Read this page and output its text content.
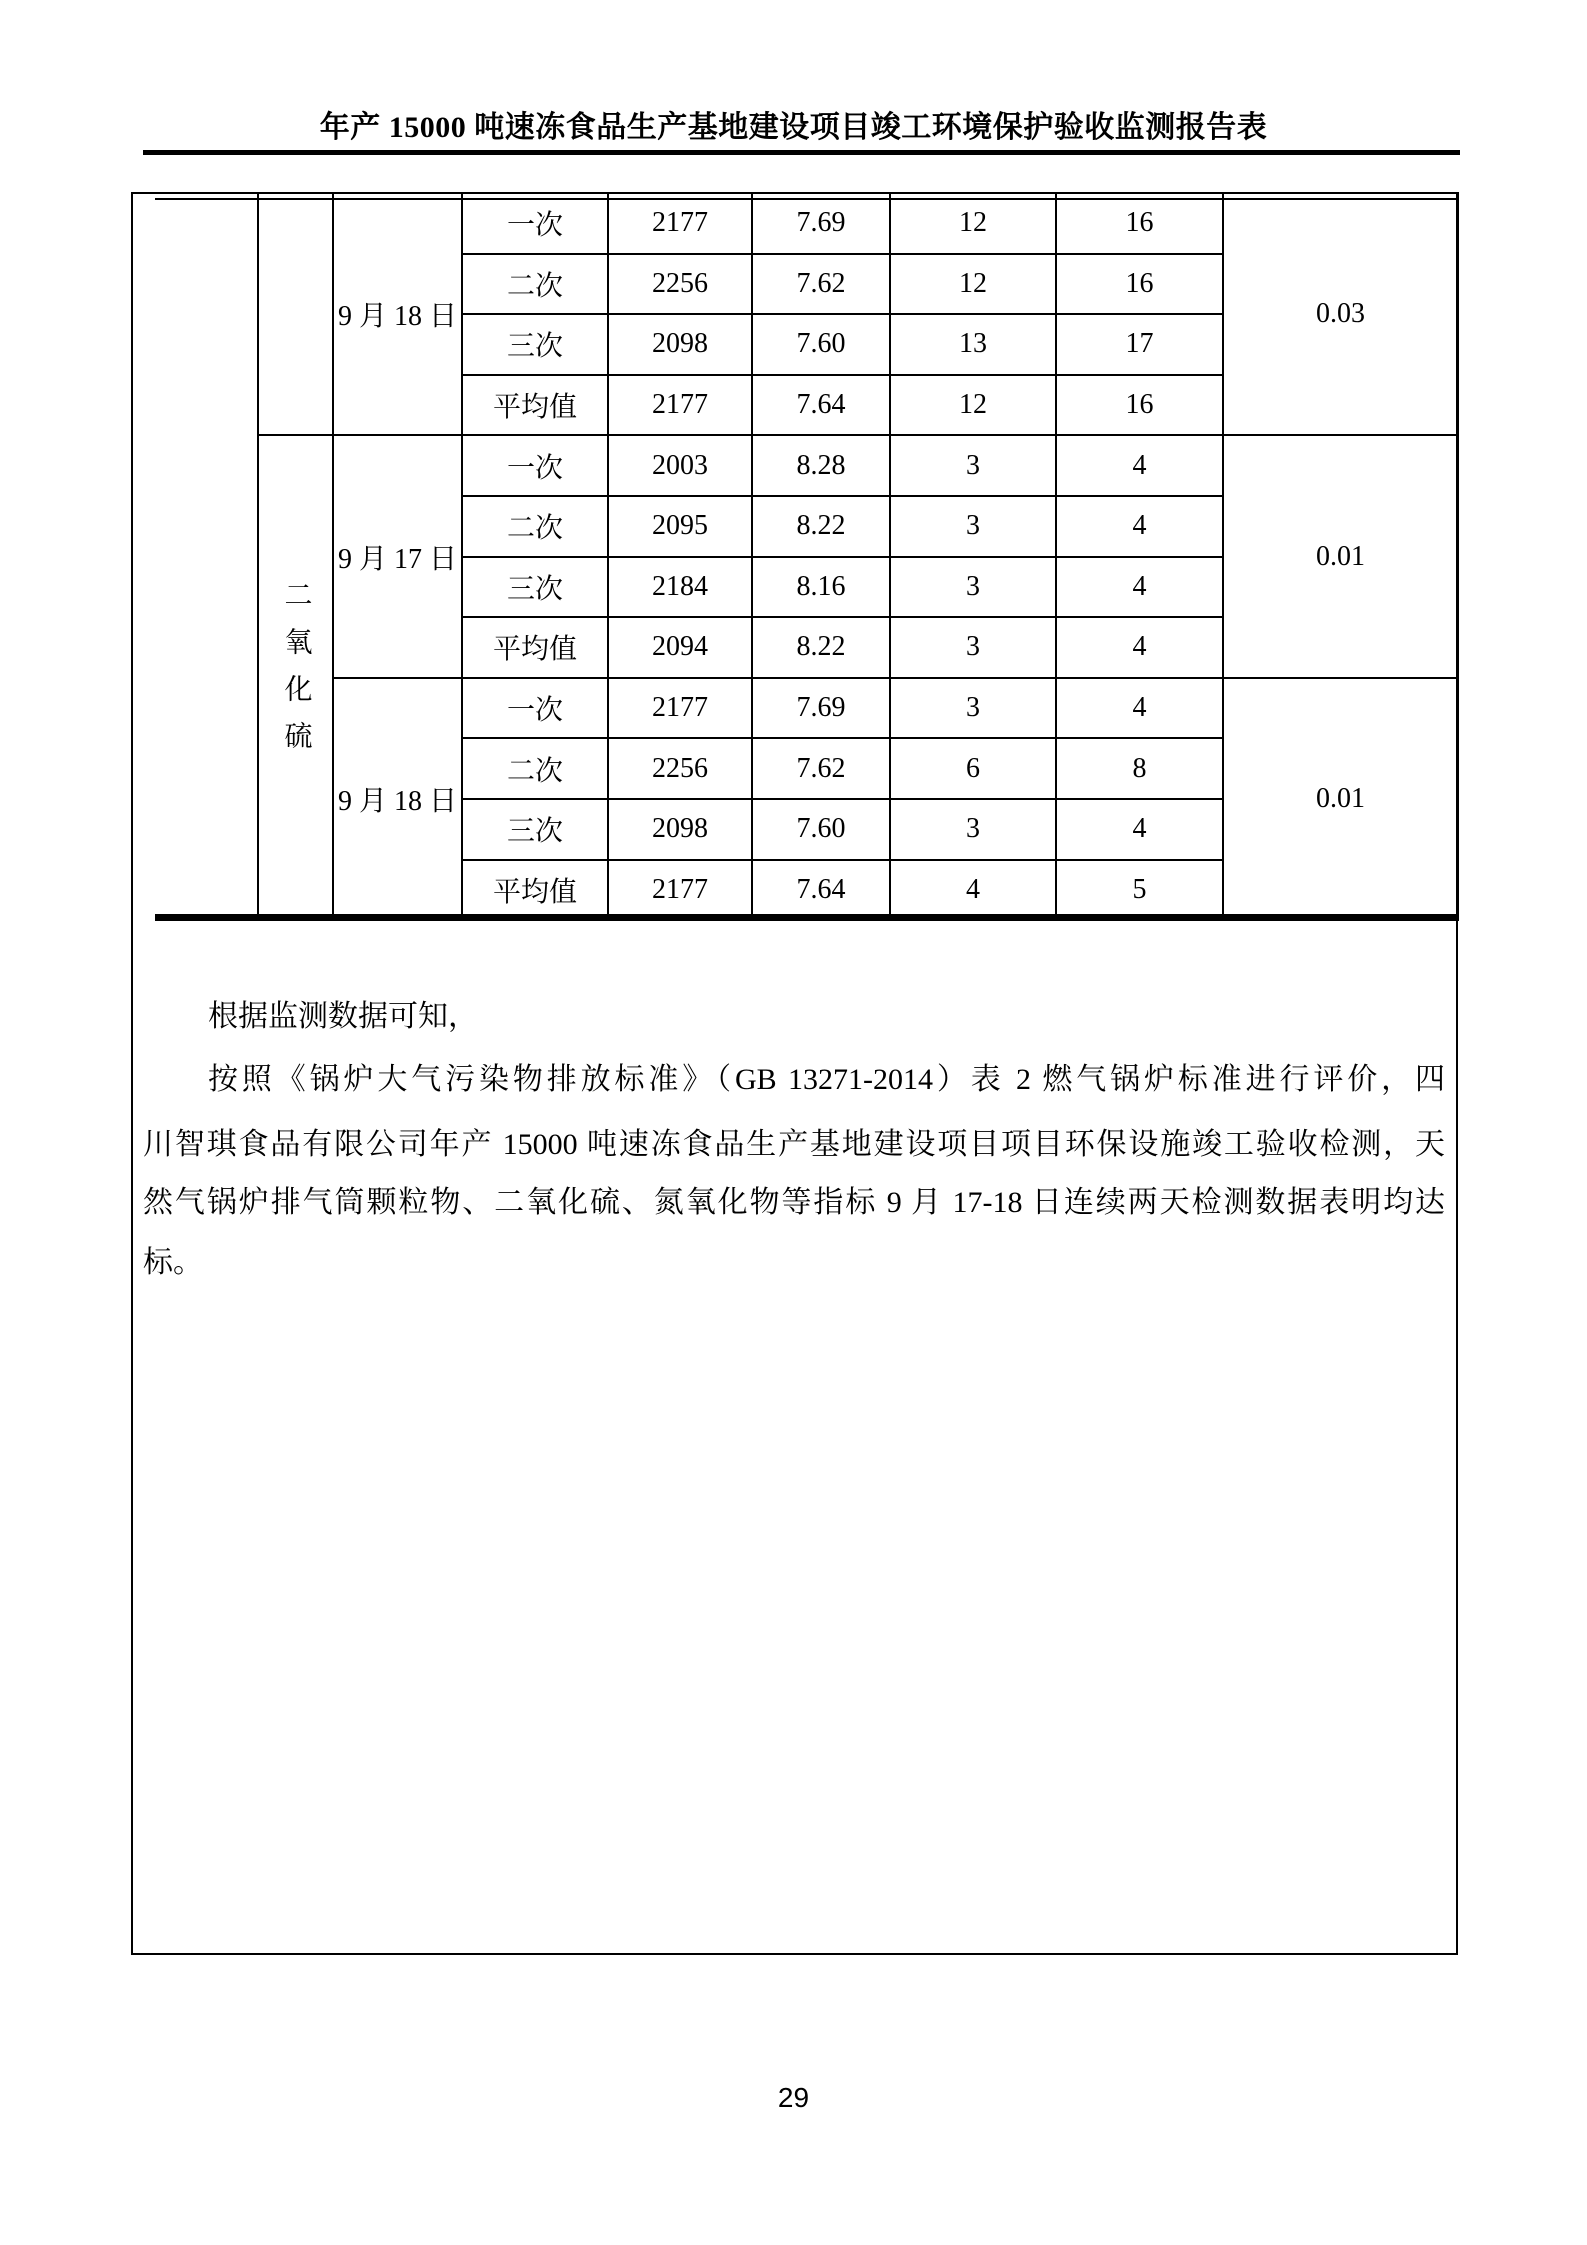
年产 15000 吨速冻食品生产基地建设项目竣工环境保护验收监测报告表
		9 月 18 日	一次	2177	7.69	12	16	0.03
			二次	2256	7.62	12	16	
			三次	2098	7.60	13	17	
			平均值	2177	7.64	12	16	
	二氧化硫	9 月 17 日	一次	2003	8.28	3	4	0.01
			二次	2095	8.22	3	4	
			三次	2184	8.16	3	4	
			平均值	2094	8.22	3	4	
		9 月 18 日	一次	2177	7.69	3	4	0.01
			二次	2256	7.62	6	8	
			三次	2098	7.60	3	4	
			平均值	2177	7.64	4	5	
根据监测数据可知，
按照《锅炉大气污染物排放标准》（GB 13271-2014）表 2 燃气锅炉标准进行评价，四
川智琪食品有限公司年产 15000 吨速冻食品生产基地建设项目项目环保设施竣工验收检测，天
然气锅炉排气筒颗粒物、二氧化硫、氮氧化物等指标 9 月 17-18 日连续两天检测数据表明均达
标。
29
